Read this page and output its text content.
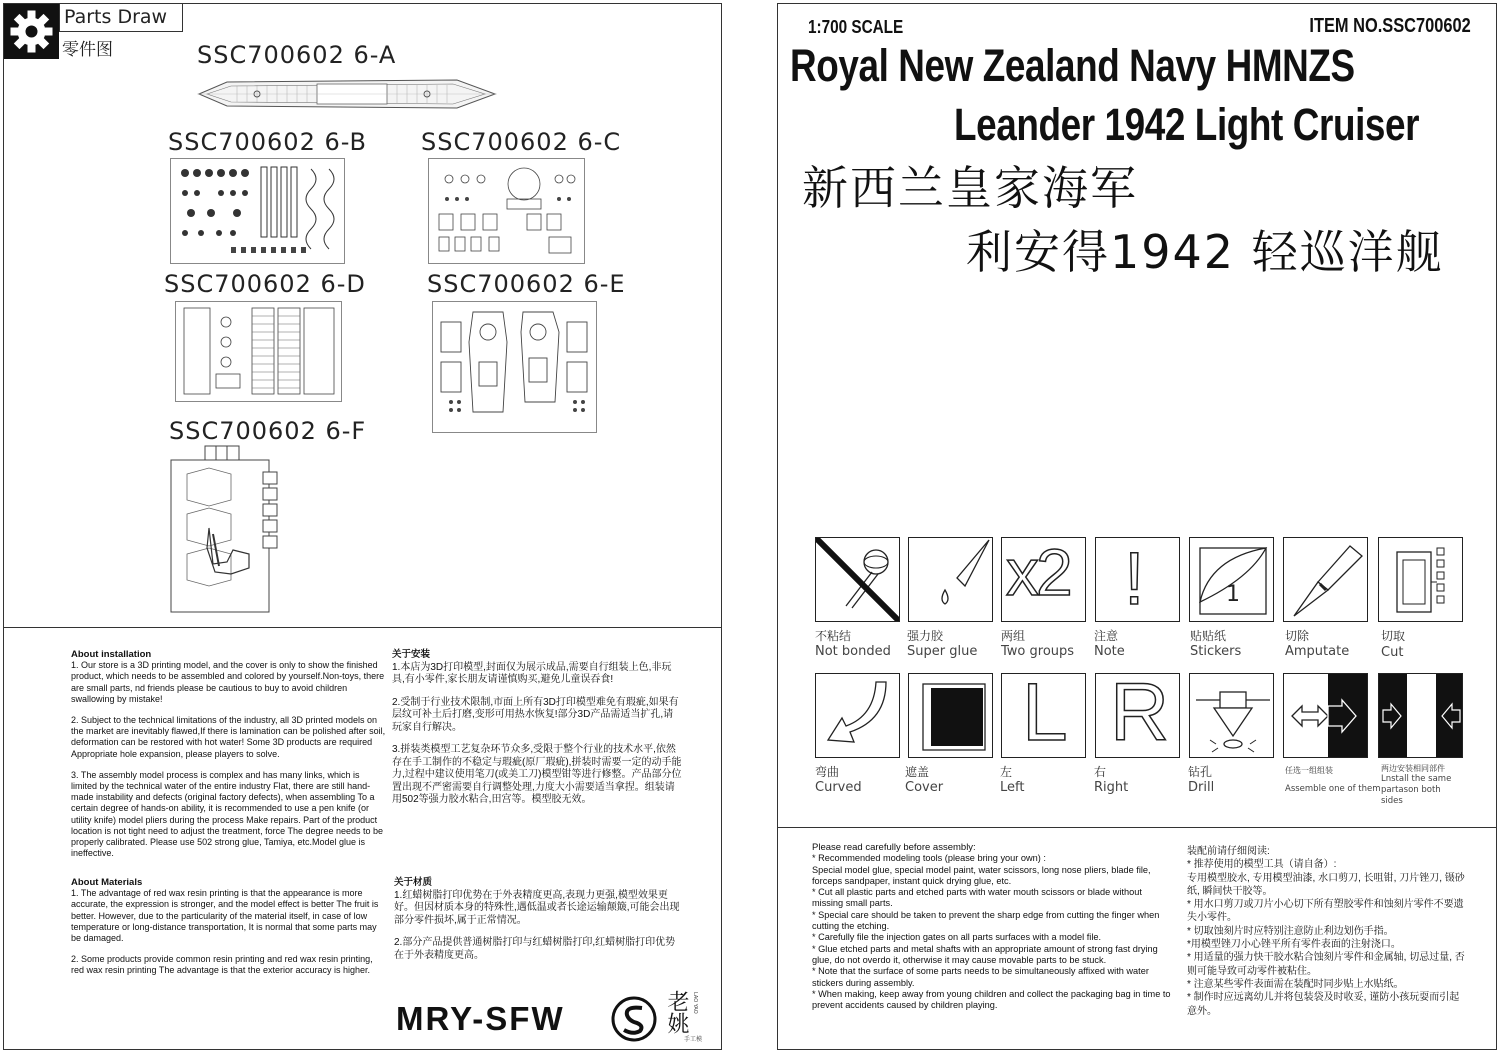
Parts Draw
零件图	SSC700602 6-A
SSC700602 6-B SSC700602 6-C
SSC700602 6-D	SSC700602 6-E
SSC700602 6-F
About installation

1. Our store is a 3D printing model, and the cover is only to show the finished product, which needs to be assembled and colored by yourself.Non-toys, there are small parts, nd friends please be cautious to buy to avoid children swallowing by mistake!

2. Subject to the technical limitations of the industry, all 3D printed models on the market are inevitably flawed,If there is lamination can be polished after soil, deformation can be restored with hot water! Some 3D products are required Appropriate hole expansion, please players to solve.

3. The assembly model process is complex and has many links, which is limited by the technical water of the entire industry Flat, there are still hand-made instability and defects (original factory defects), when assembling To a certain degree of hands-on ability, it is recommended to use a pen knife (or utility knife) model pliers during the process Make repairs. Part of the product location is not tight need to adjust the treatment, force The degree needs to be properly calibrated. Please use 502 strong glue, Tamiya, etc.Model glue is ineffective.

About Materials

1. The advantage of red wax resin printing is that the appearance is more accurate, the expression is stronger, and the model effect is better The fruit is better. However, due to the particularity of the material itself, in case of low temperature or long-distance transportation, It is normal that some parts may be damaged.

2. Some products provide common resin printing and red wax resin printing, red wax resin printing The advantage is that the exterior accuracy is higher.

关于安装

1.本店为3D打印模型,封面仅为展示成品,需要自行组装上色,非玩具,有小零件,家长朋友请谨慎购买,避免儿童误吞食!

2.受制于行业技术限制,市面上所有3D打印模型难免有瑕疵,如果有层纹可补土后打磨,变形可用热水恢复!部分3D产品需适当扩孔,请玩家自行解决。

3.拼装类模型工艺复杂环节众多,受限于整个行业的技术水平,依然存在手工制作的不稳定与瑕疵(原厂瑕疵),拼装时需要一定的动手能力,过程中建议使用笔刀(或美工刀)模型钳等进行修整。产品部分位置出现不严密需要自行调整处理,力度大小需要适当拿捏。组装请用502等强力胶水粘合,田宫等。模型胶无效。

关于材质

1.红蜡树脂打印优势在于外表精度更高,表现力更强,模型效果更好。但因材质本身的特殊性,遇低温或者长途运输颠簸,可能会出现部分零件损坏,属于正常情况。

2.部分产品提供普通树脂打印与红蜡树脂打印,红蜡树脂打印优势在于外表精度更高。

MRY-SFW	老姚 LAO YAO
手工模
1:700 SCALE	ITEM NO.SSC700602
Royal New Zealand Navy HMNZS
Leander 1942 Light Cruiser
新西兰皇家海军
利安得1942 轻巡洋舰
x2 !	1
不粘结
Not bonded
强力胶
Super glue
两组
Two groups
注意
Note
贴贴纸
Stickers
切除
Amputate
切取
Cut
L R
弯曲
Curved
遮盖
Cover
左
Left
右
Right
钻孔
Drill
任选一组组装
Assemble one of them
两边安装相同部件
Lnstall the same partason both sides
Please read carefully before assembly:
* Recommended modeling tools (please bring your own) :
Special model glue, special model paint, water scissors, long nose pliers, blade file, forceps sandpaper, instant quick drying glue, etc.
* Cut all plastic parts and etched parts with water mouth scissors or blade without missing small parts.
* Special care should be taken to prevent the sharp edge from cutting the finger when cutting the etching.
* Carefully file the injection gates on all parts surfaces with a model file.
* Glue etched parts and metal shafts with an appropriate amount of strong fast drying glue, do not overdo it, otherwise it may cause movable parts to be stuck.
* Note that the surface of some parts needs to be simultaneously affixed with water stickers during assembly.
* When making, keep away from young children and collect the packaging bag in time to prevent accidents caused by children playing.
装配前请仔细阅读:
* 推荐使用的模型工具（请自备）:
专用模型胶水, 专用模型油漆, 水口剪刀, 长咀钳, 刀片锉刀, 镊砂纸, 瞬间快干胶等。
* 用水口剪刀或刀片小心切下所有塑胶零件和蚀刻片零件不要遗失小零件。
* 切取蚀刻片时应特别注意防止利边划伤手指。
*用模型锉刀小心锉平所有零件表面的注射浇口。
* 用适量的强力快干胶水粘合蚀刻片零件和金属轴, 切忌过量, 否则可能导致可动零件被粘住。
* 注意某些零件表面需在装配时同步贴上水贴纸。
* 制作时应远离幼儿并将包装袋及时收妥, 谨防小孩玩耍而引起意外。
